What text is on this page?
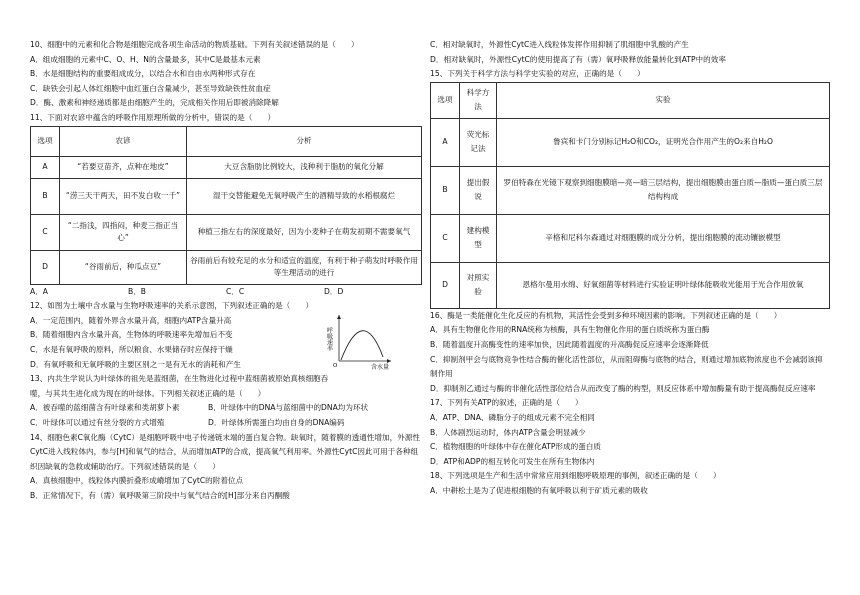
10、细胞中的元素和化合物是细胞完成各项生命活动的物质基础。下列有关叙述错误的是（　　）
A．组成细胞的元素中C、O、H、N的含量最多，其中C是最基本元素
B．水是细胞结构的重要组成成分，以结合水和自由水两种形式存在
C．缺铁会引起人体红细胞中血红蛋白含量减少，甚至导致缺铁性贫血症
D．酶、激素和神经递质都是由细胞产生的，完成相关作用后即被消除降解
11、下面对农谚中蕴含的呼吸作用原理所做的分析中，错误的是（　　）
选项	农谚	分析
A	“若要豆苗齐，点种在地皮”	大豆含脂肪比例较大，浅种利于脂肪的氧化分解
B	“涝三天干两天，田不发白收一千”	湿干交替能避免无氧呼吸产生的酒精导致的水稻根腐烂
C	“二指浅，四指闷，种麦三指正当心”	种植三指左右的深度最好，因为小麦种子在萌发初期不需要氧气
D	“谷雨前后，种瓜点豆”	谷雨前后有较充足的水分和适宜的温度，有利于种子萌发时呼吸作用等生理活动的进行
A．A	B．B	C．C	D．D
12、如图为土壤中含水量与生物呼吸速率的关系示意图，下列叙述正确的是（　　）
A．一定范围内，随着外界含水量升高，细胞内ATP含量升高
B．随着细胞内含水量升高，生物体的呼吸速率先增加后不变
C．水是有氧呼吸的原料，所以粮食、水果储存时应保持干燥
D．有氧呼吸和无氧呼吸的主要区别之一是有无水的消耗和产生
呼吸速率
含水量
O
13、内共生学说认为叶绿体的祖先是蓝细菌，在生物进化过程中蓝细菌被原始真核细胞吞噬，与其共生进化成为现在的叶绿体。下列相关叙述正确的是（　　）
A．被吞噬的蓝细菌含有叶绿素和类胡萝卜素	B．叶绿体中的DNA与蓝细菌中的DNA均为环状
C．叶绿体可以通过有丝分裂的方式增殖	D．叶绿体所需蛋白均由自身的DNA编码
14、细胞色素C氧化酶（CytC）是细胞呼吸中电子传递链末端的蛋白复合物。缺氧时，随着膜的透通性增加，外源性CytC进入线粒体内，参与[H]和氧气的结合，从而增加ATP的合成，提高氧气利用率。外源性CytC因此可用于各种组织因缺氧的急救或辅助治疗。下列叙述错误的是（　　）
A．真核细胞中，线粒体内膜折叠形成嵴增加了CytC的附着位点
B．正常情况下，有（需）氧呼吸第三阶段中与氧气结合的[H]部分来自丙酮酸
C．相对缺氧时，外源性CytC进入线粒体发挥作用抑制了肌细胞中乳酸的产生
D．相对缺氧时，外源性CytC的使用提高了有（需）氧呼吸释放能量转化到ATP中的效率
15、下列关于科学方法与科学史实验的对应，正确的是（　　）
选项	科学方法	实验
A	荧光标记法	鲁宾和卡门分别标记H₂O和CO₂，证明光合作用产生的O₂来自H₂O
B	提出假说	罗伯特森在光镜下观察到细胞膜暗—亮—暗三层结构，提出细胞膜由蛋白质—脂质—蛋白质三层结构构成
C	建构模型	辛格和尼科尔森通过对细胞膜的成分分析，提出细胞膜的流动镶嵌模型
D	对照实验	恩格尔曼用水绵、好氧细菌等材料进行实验证明叶绿体能吸收光能用于光合作用放氧
16、酶是一类能催化生化反应的有机物，其活性会受到多种环境因素的影响。下列叙述正确的是（　　）
A．具有生物催化作用的RNA统称为核酶，具有生物催化作用的蛋白质统称为蛋白酶
B．随着温度升高酶变性的速率加快，因此随着温度的升高酶促反应速率会逐渐降低
C．抑制剂甲会与底物竞争性结合酶的催化活性部位，从而阻碍酶与底物的结合，则通过增加底物浓度也不会减弱该抑制作用
D．抑制剂乙通过与酶的非催化活性部位结合从而改变了酶的构型，则反应体系中增加酶量有助于提高酶促反应速率
17、下列有关ATP的叙述，正确的是（　　）
A．ATP、DNA、磷脂分子的组成元素不完全相同
B．人体剧烈运动时，体内ATP含量会明显减少
C．植物细胞的叶绿体中存在催化ATP形成的蛋白质
D．ATP和ADP的相互转化可发生在所有生物体内
18、下列选项是生产和生活中常常应用到细胞呼吸原理的事例，叙述正确的是（　　）
A．中耕松土是为了促进根细胞的有氧呼吸以利于矿质元素的吸收
